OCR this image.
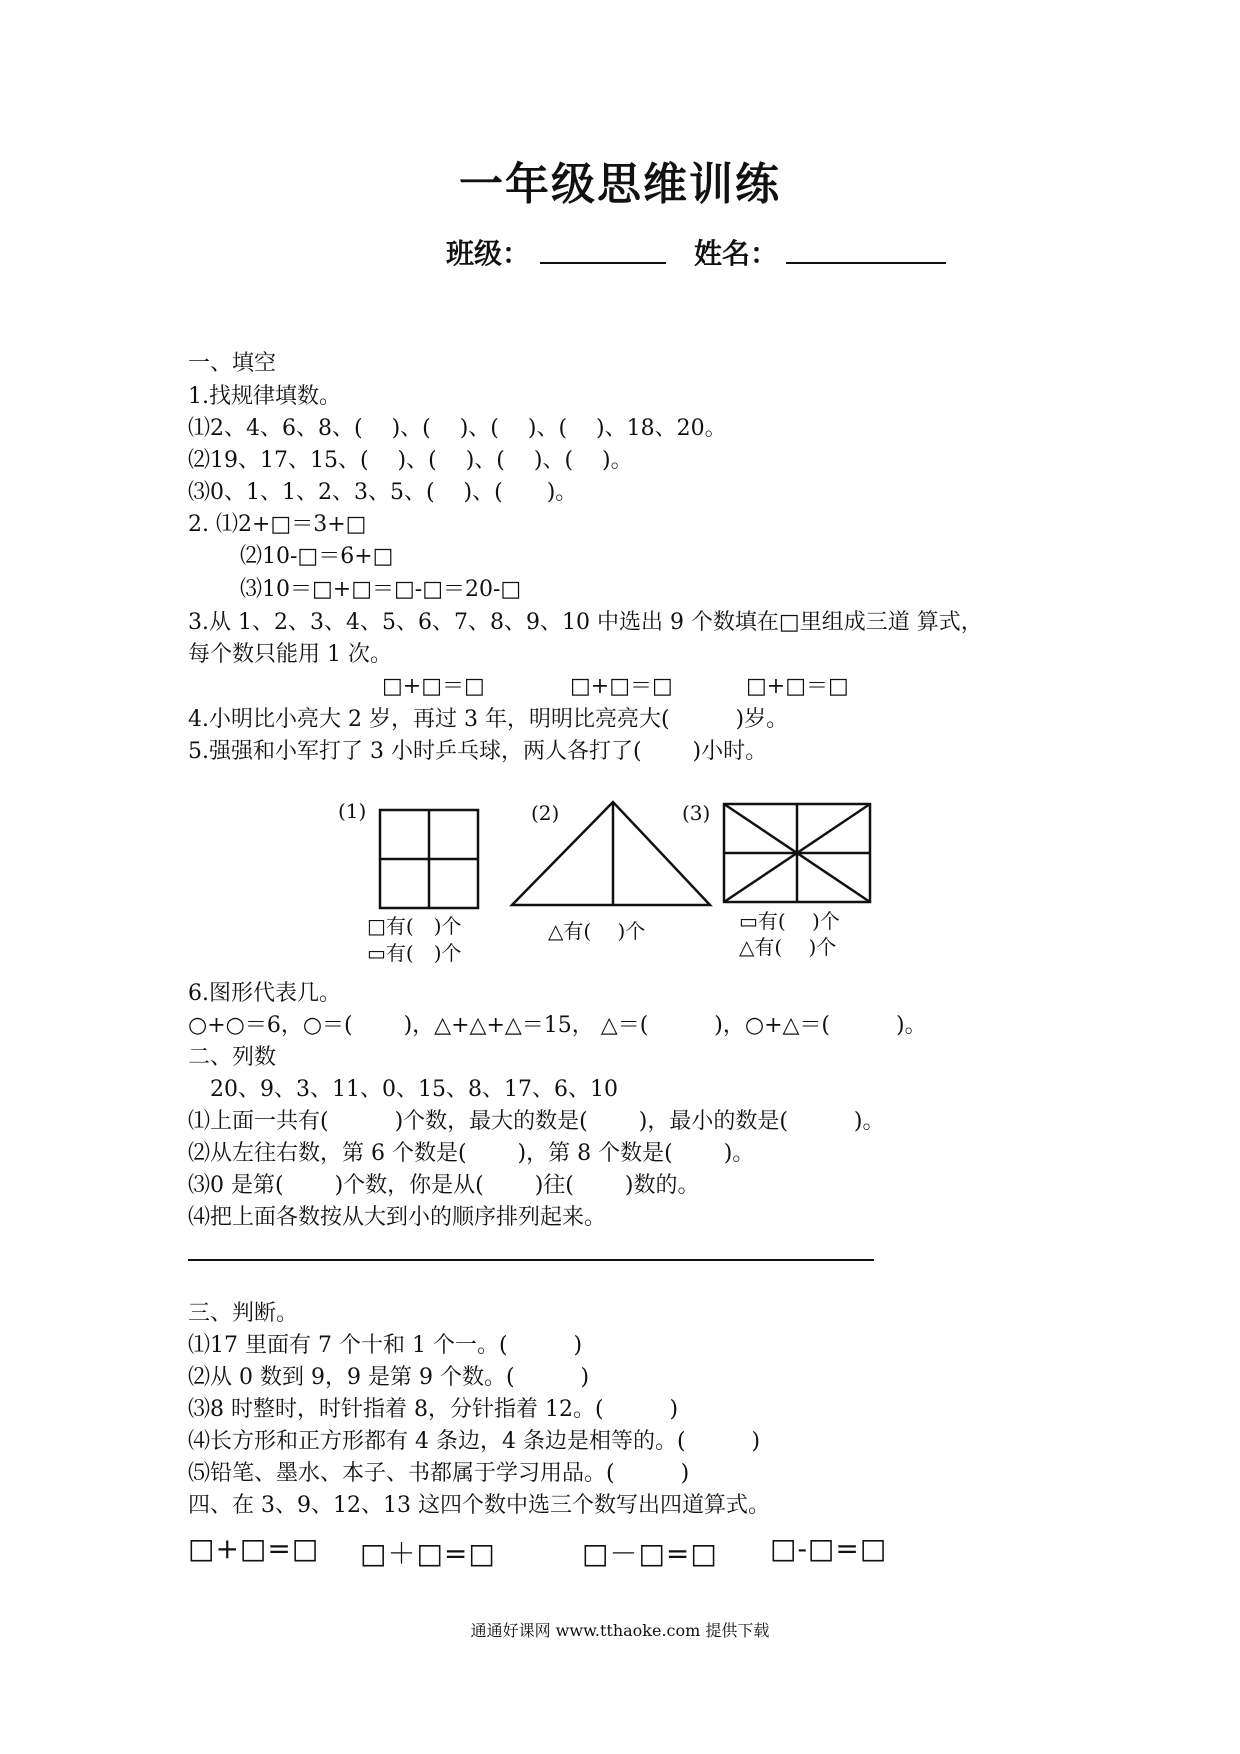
一年级思维训练
班级：	姓名：
一、填空
1.找规律填数。
⑴2、4、6、8、(　 )、(　 )、(　 )、(　 )、18、20。
⑵19、17、15、(　 )、(　 )、(　 )、(　 )。
⑶0、1、1、2、3、5、(　 )、(　　)。
2. ⑴2+□＝3+□
⑵10-□＝6+□
⑶10＝□+□＝□-□＝20-□
3.从 1、2、3、4、5、6、7、8、9、10 中选出 9 个数填在□里组成三道 算式，
每个数只能用 1 次。
□+□＝□	□+□＝□	□+□＝□
4.小明比小亮大 2 岁，再过 3 年，明明比亮亮大(　　　)岁。
5.强强和小军打了 3 小时乒乓球，两人各打了(　　 )小时。
(1)
□有(　)个
▭有(　)个
(2)
△有(　 )个
(3)
▭有(　 )个
△有(　 )个
6.图形代表几。
○+○＝6，○＝(　　 )，△+△+△＝15， △＝(　　　)，○+△＝(　　　)。
二、列数
20、9、3、11、0、15、8、17、6、10
⑴上面一共有(　　　)个数，最大的数是(　　 )，最小的数是(　　　)。
⑵从左往右数，第 6 个数是(　　 )，第 8 个数是(　　 )。
⑶0 是第(　　 )个数，你是从(　　 )往(　　 )数的。
⑷把上面各数按从大到小的顺序排列起来。
三、判断。
⑴17 里面有 7 个十和 1 个一。(　　　)
⑵从 0 数到 9，9 是第 9 个数。(　　　)
⑶8 时整时，时针指着 8，分针指着 12。(　　　)
⑷长方形和正方形都有 4 条边，4 条边是相等的。(　　　)
⑸铅笔、墨水、本子、书都属于学习用品。(　　　)
四、在 3、9、12、13 这四个数中选三个数写出四道算式。
□+□=□ □＋□=□	□－□=□ □-□=□
通通好课网 www.tthaoke.com 提供下载
